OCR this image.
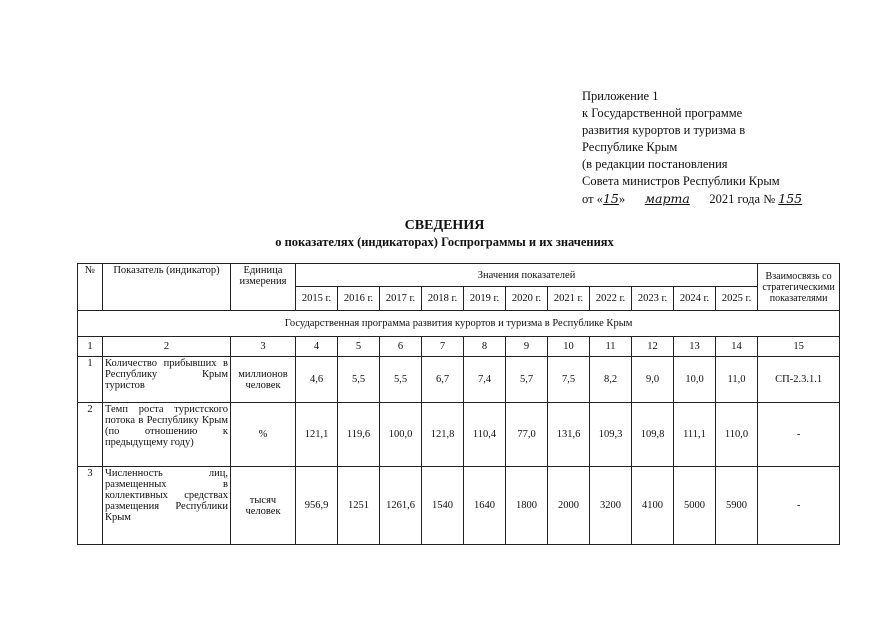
Приложение 1
к Государственной программе
развития курортов и туризма в
Республике Крым
(в редакции постановления
Совета министров Республики Крым
от «15» марта 2021 года № 155
СВЕДЕНИЯ
о показателях (индикаторах) Госпрограммы и их значениях
№	Показатель (индикатор)	Единица измерения	Значения показателей											Взаимосвязь со стратегическими показателями
			2015 г.	2016 г.	2017 г.	2018 г.	2019 г.	2020 г.	2021 г.	2022 г.	2023 г.	2024 г.	2025 г.	
Государственная программа развития курортов и туризма в Республике Крым														
1	2	3	4	5	6	7	8	9	10	11	12	13	14	15
1	Количество прибывших в Республику Крым туристов	миллионов человек	4,6	5,5	5,5	6,7	7,4	5,7	7,5	8,2	9,0	10,0	11,0	СП-2.3.1.1
2	Темп роста туристского потока в Республику Крым (по отношению к предыдущему году)	%	121,1	119,6	100,0	121,8	110,4	77,0	131,6	109,3	109,8	111,1	110,0	-
3	Численность лиц, размещенных в коллективных средствах размещения Республики Крым	тысяч человек	956,9	1251	1261,6	1540	1640	1800	2000	3200	4100	5000	5900	-
